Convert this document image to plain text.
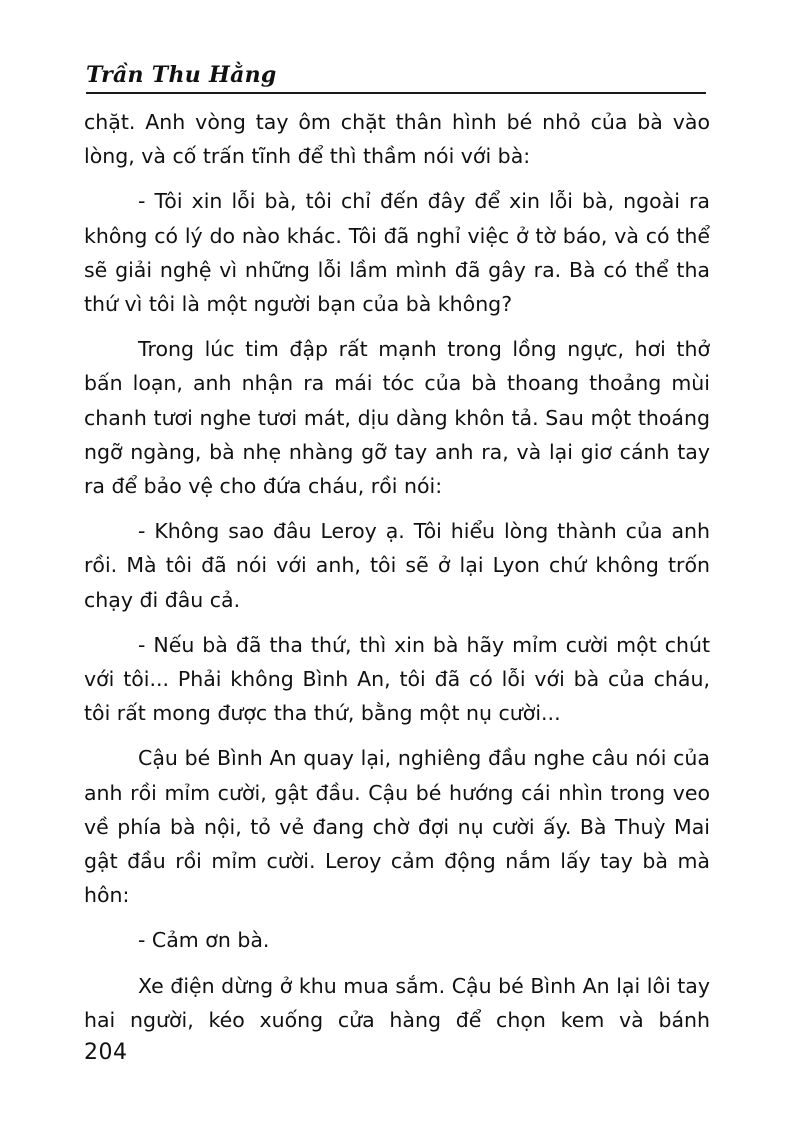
Trần Thu Hằng

chặt. Anh vòng tay ôm chặt thân hình bé nhỏ của bà vào lòng, và cố trấn tĩnh để thì thầm nói với bà:

- Tôi xin lỗi bà, tôi chỉ đến đây để xin lỗi bà, ngoài ra không có lý do nào khác. Tôi đã nghỉ việc ở tờ báo, và có thể sẽ giải nghệ vì những lỗi lầm mình đã gây ra. Bà có thể tha thứ vì tôi là một người bạn của bà không?

Trong lúc tim đập rất mạnh trong lồng ngực, hơi thở bấn loạn, anh nhận ra mái tóc của bà thoang thoảng mùi chanh tươi nghe tươi mát, dịu dàng khôn tả. Sau một thoáng ngỡ ngàng, bà nhẹ nhàng gỡ tay anh ra, và lại giơ cánh tay ra để bảo vệ cho đứa cháu, rồi nói:

- Không sao đâu Leroy ạ. Tôi hiểu lòng thành của anh rồi. Mà tôi đã nói với anh, tôi sẽ ở lại Lyon chứ không trốn chạy đi đâu cả.

- Nếu bà đã tha thứ, thì xin bà hãy mỉm cười một chút với tôi... Phải không Bình An, tôi đã có lỗi với bà của cháu, tôi rất mong được tha thứ, bằng một nụ cười...

Cậu bé Bình An quay lại, nghiêng đầu nghe câu nói của anh rồi mỉm cười, gật đầu. Cậu bé hướng cái nhìn trong veo về phía bà nội, tỏ vẻ đang chờ đợi nụ cười ấy. Bà Thuỳ Mai gật đầu rồi mỉm cười. Leroy cảm động nắm lấy tay bà mà hôn:

- Cảm ơn bà.

Xe điện dừng ở khu mua sắm. Cậu bé Bình An lại lôi tay hai người, kéo xuống cửa hàng để chọn kem và bánh

204
